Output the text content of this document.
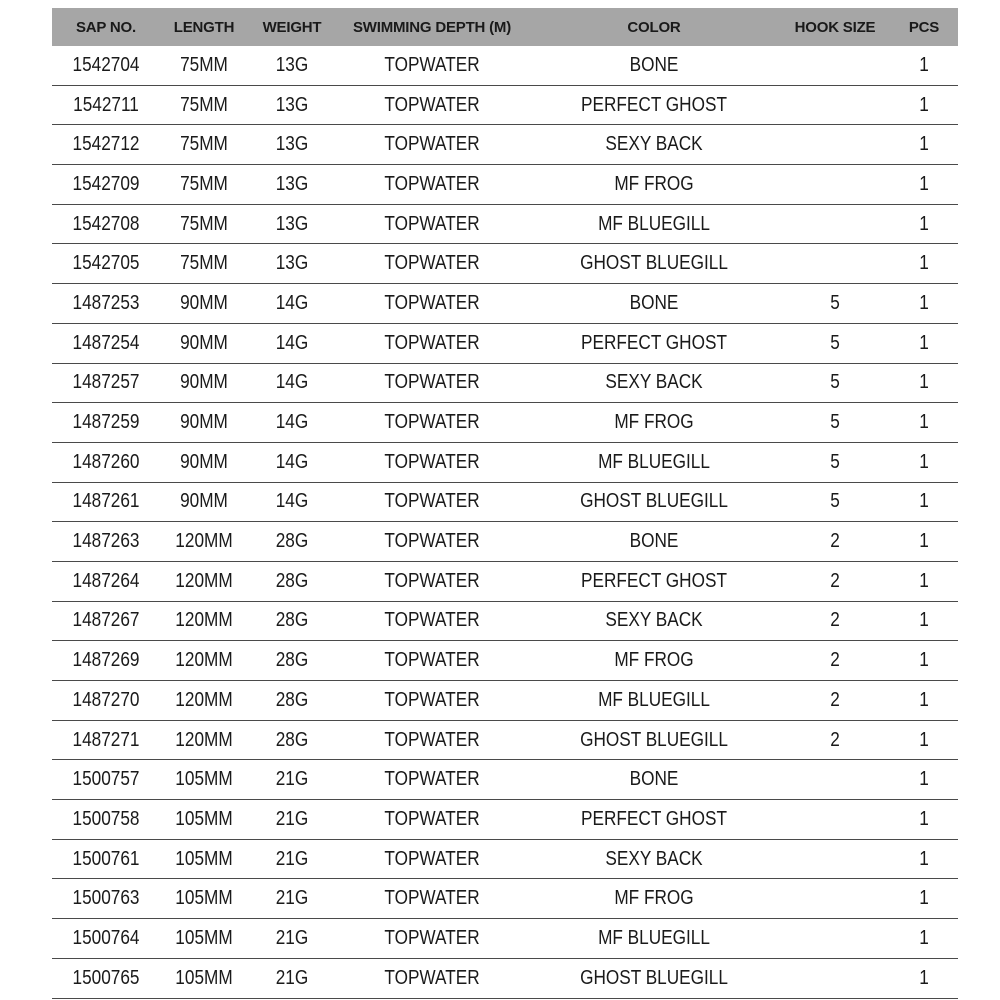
SAP NO.	LENGTH	WEIGHT	SWIMMING DEPTH (M)	COLOR	HOOK SIZE	PCS
1542704	75MM	13G	TOPWATER	BONE		1
1542711	75MM	13G	TOPWATER	PERFECT GHOST		1
1542712	75MM	13G	TOPWATER	SEXY BACK		1
1542709	75MM	13G	TOPWATER	MF FROG		1
1542708	75MM	13G	TOPWATER	MF BLUEGILL		1
1542705	75MM	13G	TOPWATER	GHOST BLUEGILL		1
1487253	90MM	14G	TOPWATER	BONE	5	1
1487254	90MM	14G	TOPWATER	PERFECT GHOST	5	1
1487257	90MM	14G	TOPWATER	SEXY BACK	5	1
1487259	90MM	14G	TOPWATER	MF FROG	5	1
1487260	90MM	14G	TOPWATER	MF BLUEGILL	5	1
1487261	90MM	14G	TOPWATER	GHOST BLUEGILL	5	1
1487263	120MM	28G	TOPWATER	BONE	2	1
1487264	120MM	28G	TOPWATER	PERFECT GHOST	2	1
1487267	120MM	28G	TOPWATER	SEXY BACK	2	1
1487269	120MM	28G	TOPWATER	MF FROG	2	1
1487270	120MM	28G	TOPWATER	MF BLUEGILL	2	1
1487271	120MM	28G	TOPWATER	GHOST BLUEGILL	2	1
1500757	105MM	21G	TOPWATER	BONE		1
1500758	105MM	21G	TOPWATER	PERFECT GHOST		1
1500761	105MM	21G	TOPWATER	SEXY BACK		1
1500763	105MM	21G	TOPWATER	MF FROG		1
1500764	105MM	21G	TOPWATER	MF BLUEGILL		1
1500765	105MM	21G	TOPWATER	GHOST BLUEGILL		1
